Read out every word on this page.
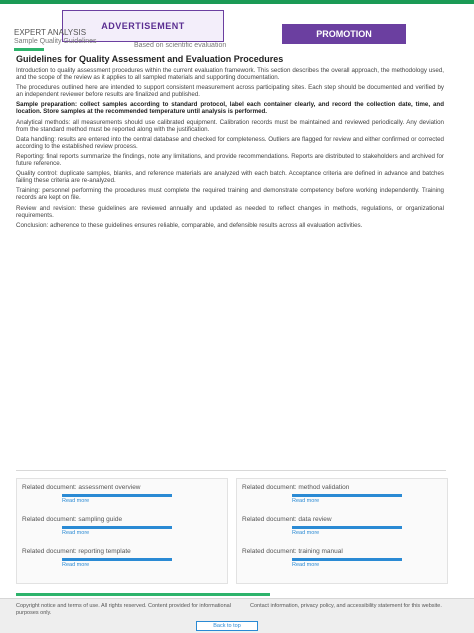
ADVERTISEMENT
PROMOTION
EXPERT ANALYSIS
Sample Quality Guidelines
Based on scientific evaluation
Guidelines for Quality Assessment and Evaluation Procedures

Introduction to quality assessment procedures within the current evaluation framework. This section describes the overall approach, the methodology used, and the scope of the review as it applies to all sampled materials and supporting documentation.

The procedures outlined here are intended to support consistent measurement across participating sites. Each step should be documented and verified by an independent reviewer before results are finalized and published.

Sample preparation: collect samples according to standard protocol, label each container clearly, and record the collection date, time, and location. Store samples at the recommended temperature until analysis is performed.

Analytical methods: all measurements should use calibrated equipment. Calibration records must be maintained and reviewed periodically. Any deviation from the standard method must be reported along with the justification.

Data handling: results are entered into the central database and checked for completeness. Outliers are flagged for review and either confirmed or corrected according to the established review process.

Reporting: final reports summarize the findings, note any limitations, and provide recommendations. Reports are distributed to stakeholders and archived for future reference.

Quality control: duplicate samples, blanks, and reference materials are analyzed with each batch. Acceptance criteria are defined in advance and batches failing these criteria are re-analyzed.

Training: personnel performing the procedures must complete the required training and demonstrate competency before working independently. Training records are kept on file.

Review and revision: these guidelines are reviewed annually and updated as needed to reflect changes in methods, regulations, or organizational requirements.

Conclusion: adherence to these guidelines ensures reliable, comparable, and defensible results across all evaluation activities.

Related document: assessment overview
Read more
Related document: method validation
Read more
Related document: sampling guide
Read more
Related document: data review
Read more
Related document: reporting template
Read more
Related document: training manual
Read more
Copyright notice and terms of use. All rights reserved. Content provided for informational purposes only.
Contact information, privacy policy, and accessibility statement for this website.
Back to top
